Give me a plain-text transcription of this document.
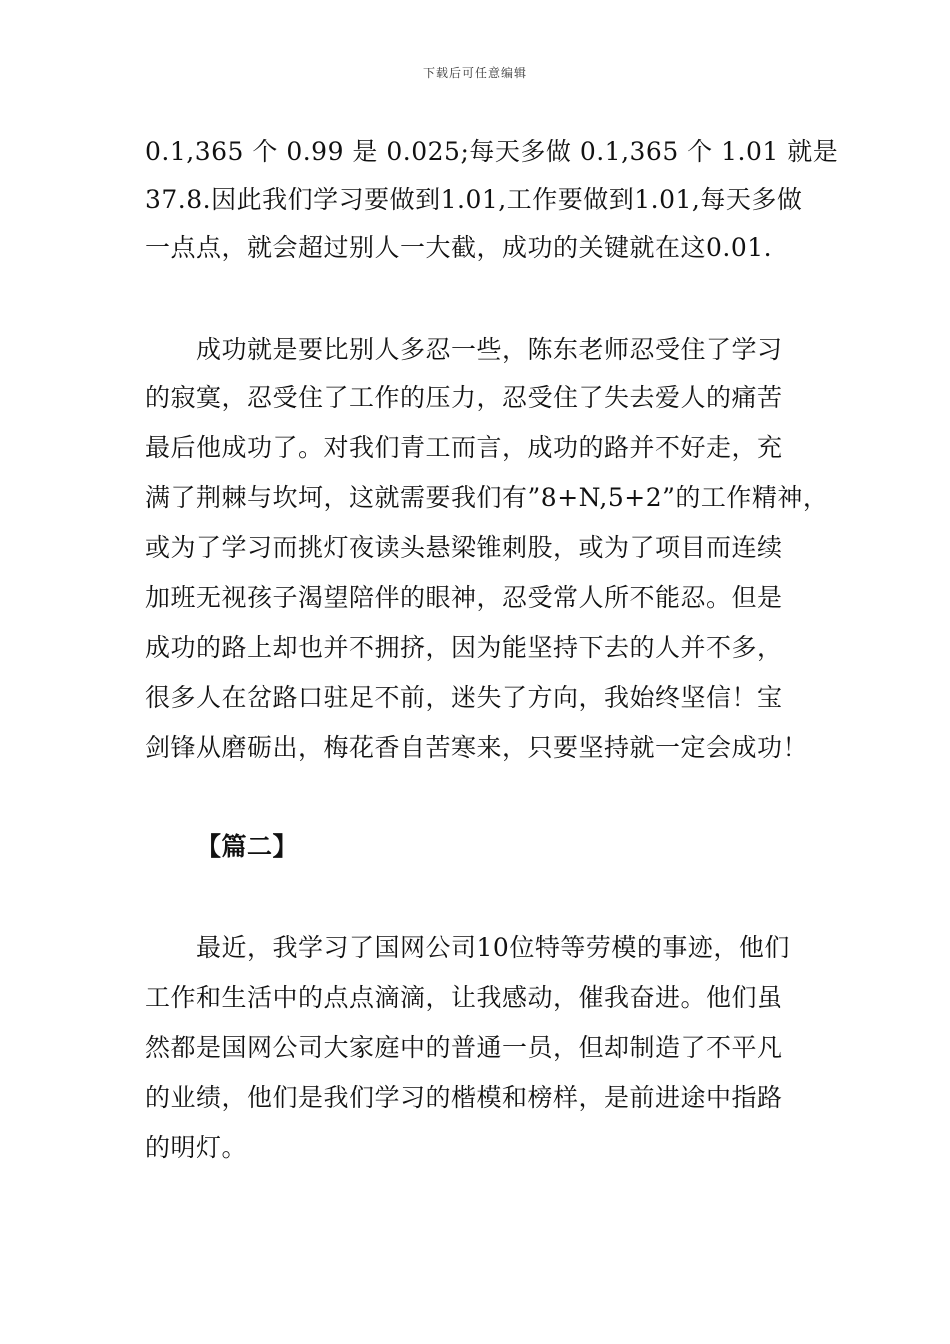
下载后可任意编辑
0.1,365 个 0.99 是 0.025;每天多做 0.1,365 个 1.01 就是
37.8.因此我们学习要做到1.01,工作要做到1.01,每天多做
一点点，就会超过别人一大截，成功的关键就在这0.01.
成功就是要比别人多忍一些，陈东老师忍受住了学习
的寂寞，忍受住了工作的压力，忍受住了失去爱人的痛苦
最后他成功了。对我们青工而言，成功的路并不好走，充
满了荆棘与坎坷，这就需要我们有”8+N,5+2”的工作精神，
或为了学习而挑灯夜读头悬梁锥刺股，或为了项目而连续
加班无视孩子渴望陪伴的眼神，忍受常人所不能忍。但是
成功的路上却也并不拥挤，因为能坚持下去的人并不多，
很多人在岔路口驻足不前，迷失了方向，我始终坚信！宝
剑锋从磨砺出，梅花香自苦寒来，只要坚持就一定会成功！
【篇二】
最近，我学习了国网公司10位特等劳模的事迹，他们
工作和生活中的点点滴滴，让我感动，催我奋进。他们虽
然都是国网公司大家庭中的普通一员，但却制造了不平凡
的业绩，他们是我们学习的楷模和榜样，是前进途中指路
的明灯。
